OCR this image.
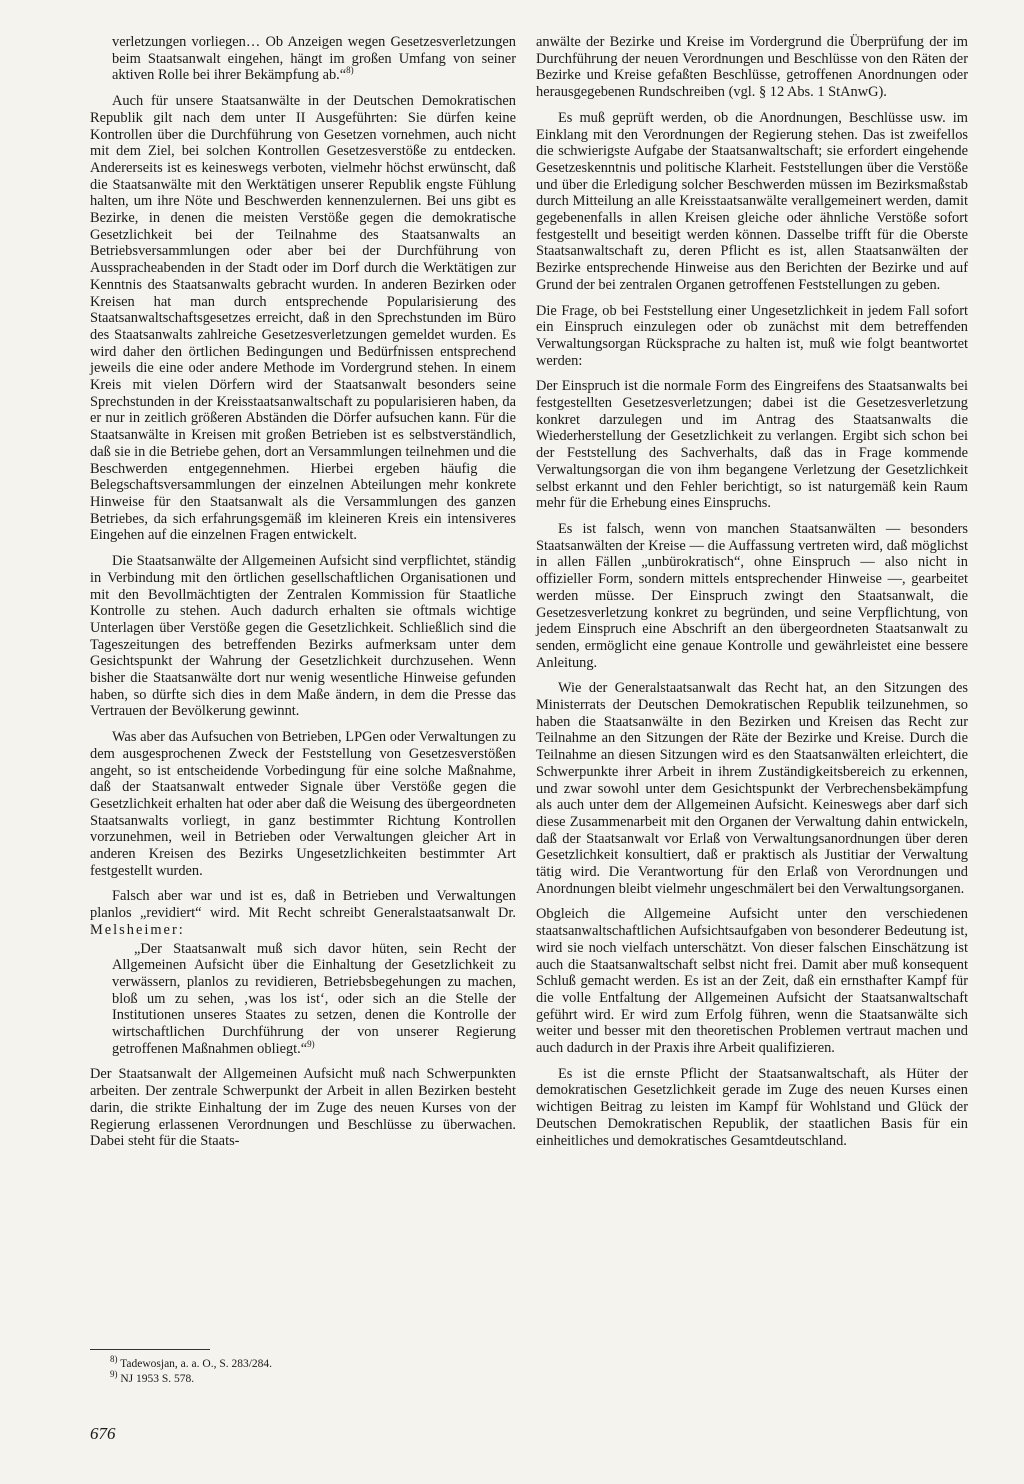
verletzungen vorliegen… Ob Anzeigen wegen Gesetzesverletzungen beim Staatsanwalt eingehen, hängt im großen Umfang von seiner aktiven Rolle bei ihrer Bekämpfung ab.“$^{8)}$

Auch für unsere Staatsanwälte in der Deutschen Demokratischen Republik gilt nach dem unter II Ausgeführten: Sie dürfen keine Kontrollen über die Durchführung von Gesetzen vornehmen, auch nicht mit dem Ziel, bei solchen Kontrollen Gesetzesverstöße zu entdecken. Andererseits ist es keineswegs verboten, vielmehr höchst erwünscht, daß die Staatsanwälte mit den Werktätigen unserer Republik engste Fühlung halten, um ihre Nöte und Beschwerden kennenzulernen. Bei uns gibt es Bezirke, in denen die meisten Verstöße gegen die demokratische Gesetzlichkeit bei der Teilnahme des Staatsanwalts an Betriebsversammlungen oder aber bei der Durchführung von Ausspracheabenden in der Stadt oder im Dorf durch die Werktätigen zur Kenntnis des Staatsanwalts gebracht wurden. In anderen Bezirken oder Kreisen hat man durch entsprechende Popularisierung des Staatsanwaltschaftsgesetzes erreicht, daß in den Sprechstunden im Büro des Staatsanwalts zahlreiche Gesetzesverletzungen gemeldet wurden. Es wird daher den örtlichen Bedingungen und Bedürfnissen entsprechend jeweils die eine oder andere Methode im Vordergrund stehen. In einem Kreis mit vielen Dörfern wird der Staatsanwalt besonders seine Sprechstunden in der Kreisstaatsanwaltschaft zu popularisieren haben, da er nur in zeitlich größeren Abständen die Dörfer aufsuchen kann. Für die Staatsanwälte in Kreisen mit großen Betrieben ist es selbstverständlich, daß sie in die Betriebe gehen, dort an Versammlungen teilnehmen und die Beschwerden entgegennehmen. Hierbei ergeben häufig die Belegschaftsversammlungen der einzelnen Abteilungen mehr konkrete Hinweise für den Staatsanwalt als die Versammlungen des ganzen Betriebes, da sich erfahrungsgemäß im kleineren Kreis ein intensiveres Eingehen auf die einzelnen Fragen entwickelt.

Die Staatsanwälte der Allgemeinen Aufsicht sind verpflichtet, ständig in Verbindung mit den örtlichen gesellschaftlichen Organisationen und mit den Bevollmächtigten der Zentralen Kommission für Staatliche Kontrolle zu stehen. Auch dadurch erhalten sie oftmals wichtige Unterlagen über Verstöße gegen die Gesetzlichkeit. Schließlich sind die Tageszeitungen des betreffenden Bezirks aufmerksam unter dem Gesichtspunkt der Wahrung der Gesetzlichkeit durchzusehen. Wenn bisher die Staatsanwälte dort nur wenig wesentliche Hinweise gefunden haben, so dürfte sich dies in dem Maße ändern, in dem die Presse das Vertrauen der Bevölkerung gewinnt.

Was aber das Aufsuchen von Betrieben, LPGen oder Verwaltungen zu dem ausgesprochenen Zweck der Feststellung von Gesetzesverstößen angeht, so ist entscheidende Vorbedingung für eine solche Maßnahme, daß der Staatsanwalt entweder Signale über Verstöße gegen die Gesetzlichkeit erhalten hat oder aber daß die Weisung des übergeordneten Staatsanwalts vorliegt, in ganz bestimmter Richtung Kontrollen vorzunehmen, weil in Betrieben oder Verwaltungen gleicher Art in anderen Kreisen des Bezirks Ungesetzlichkeiten bestimmter Art festgestellt wurden.

Falsch aber war und ist es, daß in Betrieben und Verwaltungen planlos „revidiert“ wird. Mit Recht schreibt Generalstaatsanwalt Dr. Melsheimer:

„Der Staatsanwalt muß sich davor hüten, sein Recht der Allgemeinen Aufsicht über die Einhaltung der Gesetzlichkeit zu verwässern, planlos zu revidieren, Betriebsbegehungen zu machen, bloß um zu sehen, ‚was los ist‘, oder sich an die Stelle der Institutionen unseres Staates zu setzen, denen die Kontrolle der wirtschaftlichen Durchführung der von unserer Regierung getroffenen Maßnahmen obliegt.“$^{9)}$

Der Staatsanwalt der Allgemeinen Aufsicht muß nach Schwerpunkten arbeiten. Der zentrale Schwerpunkt der Arbeit in allen Bezirken besteht darin, die strikte Einhaltung der im Zuge des neuen Kurses von der Regierung erlassenen Verordnungen und Beschlüsse zu überwachen. Dabei steht für die Staats-

anwälte der Bezirke und Kreise im Vordergrund die Überprüfung der im Durchführung der neuen Verordnungen und Beschlüsse von den Räten der Bezirke und Kreise gefaßten Beschlüsse, getroffenen Anordnungen oder herausgegebenen Rundschreiben (vgl. § 12 Abs. 1 StAnwG).

Es muß geprüft werden, ob die Anordnungen, Beschlüsse usw. im Einklang mit den Verordnungen der Regierung stehen. Das ist zweifellos die schwierigste Aufgabe der Staatsanwaltschaft; sie erfordert eingehende Gesetzeskenntnis und politische Klarheit. Feststellungen über die Verstöße und über die Erledigung solcher Beschwerden müssen im Bezirksmaßstab durch Mitteilung an alle Kreisstaatsanwälte verallgemeinert werden, damit gegebenenfalls in allen Kreisen gleiche oder ähnliche Verstöße sofort festgestellt und beseitigt werden können. Dasselbe trifft für die Oberste Staatsanwaltschaft zu, deren Pflicht es ist, allen Staatsanwälten der Bezirke entsprechende Hinweise aus den Berichten der Bezirke und auf Grund der bei zentralen Organen getroffenen Feststellungen zu geben.

Die Frage, ob bei Feststellung einer Ungesetzlichkeit in jedem Fall sofort ein Einspruch einzulegen oder ob zunächst mit dem betreffenden Verwaltungsorgan Rücksprache zu halten ist, muß wie folgt beantwortet werden:

Der Einspruch ist die normale Form des Eingreifens des Staatsanwalts bei festgestellten Gesetzesverletzungen; dabei ist die Gesetzesverletzung konkret darzulegen und im Antrag des Staatsanwalts die Wiederherstellung der Gesetzlichkeit zu verlangen. Ergibt sich schon bei der Feststellung des Sachverhalts, daß das in Frage kommende Verwaltungsorgan die von ihm begangene Verletzung der Gesetzlichkeit selbst erkannt und den Fehler berichtigt, so ist naturgemäß kein Raum mehr für die Erhebung eines Einspruchs.

Es ist falsch, wenn von manchen Staatsanwälten — besonders Staatsanwälten der Kreise — die Auffassung vertreten wird, daß möglichst in allen Fällen „unbürokratisch“, ohne Einspruch — also nicht in offizieller Form, sondern mittels entsprechender Hinweise —, gearbeitet werden müsse. Der Einspruch zwingt den Staatsanwalt, die Gesetzesverletzung konkret zu begründen, und seine Verpflichtung, von jedem Einspruch eine Abschrift an den übergeordneten Staatsanwalt zu senden, ermöglicht eine genaue Kontrolle und gewährleistet eine bessere Anleitung.

Wie der Generalstaatsanwalt das Recht hat, an den Sitzungen des Ministerrats der Deutschen Demokratischen Republik teilzunehmen, so haben die Staatsanwälte in den Bezirken und Kreisen das Recht zur Teilnahme an den Sitzungen der Räte der Bezirke und Kreise. Durch die Teilnahme an diesen Sitzungen wird es den Staatsanwälten erleichtert, die Schwerpunkte ihrer Arbeit in ihrem Zuständigkeitsbereich zu erkennen, und zwar sowohl unter dem Gesichtspunkt der Verbrechensbekämpfung als auch unter dem der Allgemeinen Aufsicht. Keineswegs aber darf sich diese Zusammenarbeit mit den Organen der Verwaltung dahin entwickeln, daß der Staatsanwalt vor Erlaß von Verwaltungsanordnungen über deren Gesetzlichkeit konsultiert, daß er praktisch als Justitiar der Verwaltung tätig wird. Die Verantwortung für den Erlaß von Verordnungen und Anordnungen bleibt vielmehr ungeschmälert bei den Verwaltungsorganen.

Obgleich die Allgemeine Aufsicht unter den verschiedenen staatsanwaltschaftlichen Aufsichtsaufgaben von besonderer Bedeutung ist, wird sie noch vielfach unterschätzt. Von dieser falschen Einschätzung ist auch die Staatsanwaltschaft selbst nicht frei. Damit aber muß konsequent Schluß gemacht werden. Es ist an der Zeit, daß ein ernsthafter Kampf für die volle Entfaltung der Allgemeinen Aufsicht der Staatsanwaltschaft geführt wird. Er wird zum Erfolg führen, wenn die Staatsanwälte sich weiter und besser mit den theoretischen Problemen vertraut machen und auch dadurch in der Praxis ihre Arbeit qualifizieren.

Es ist die ernste Pflicht der Staatsanwaltschaft, als Hüter der demokratischen Gesetzlichkeit gerade im Zuge des neuen Kurses einen wichtigen Beitrag zu leisten im Kampf für Wohlstand und Glück der Deutschen Demokratischen Republik, der staatlichen Basis für ein einheitliches und demokratisches Gesamtdeutschland.

$^{8)}$ Tadewosjan, a. a. O., S. 283/284.

$^{9)}$ NJ 1953 S. 578.

676
